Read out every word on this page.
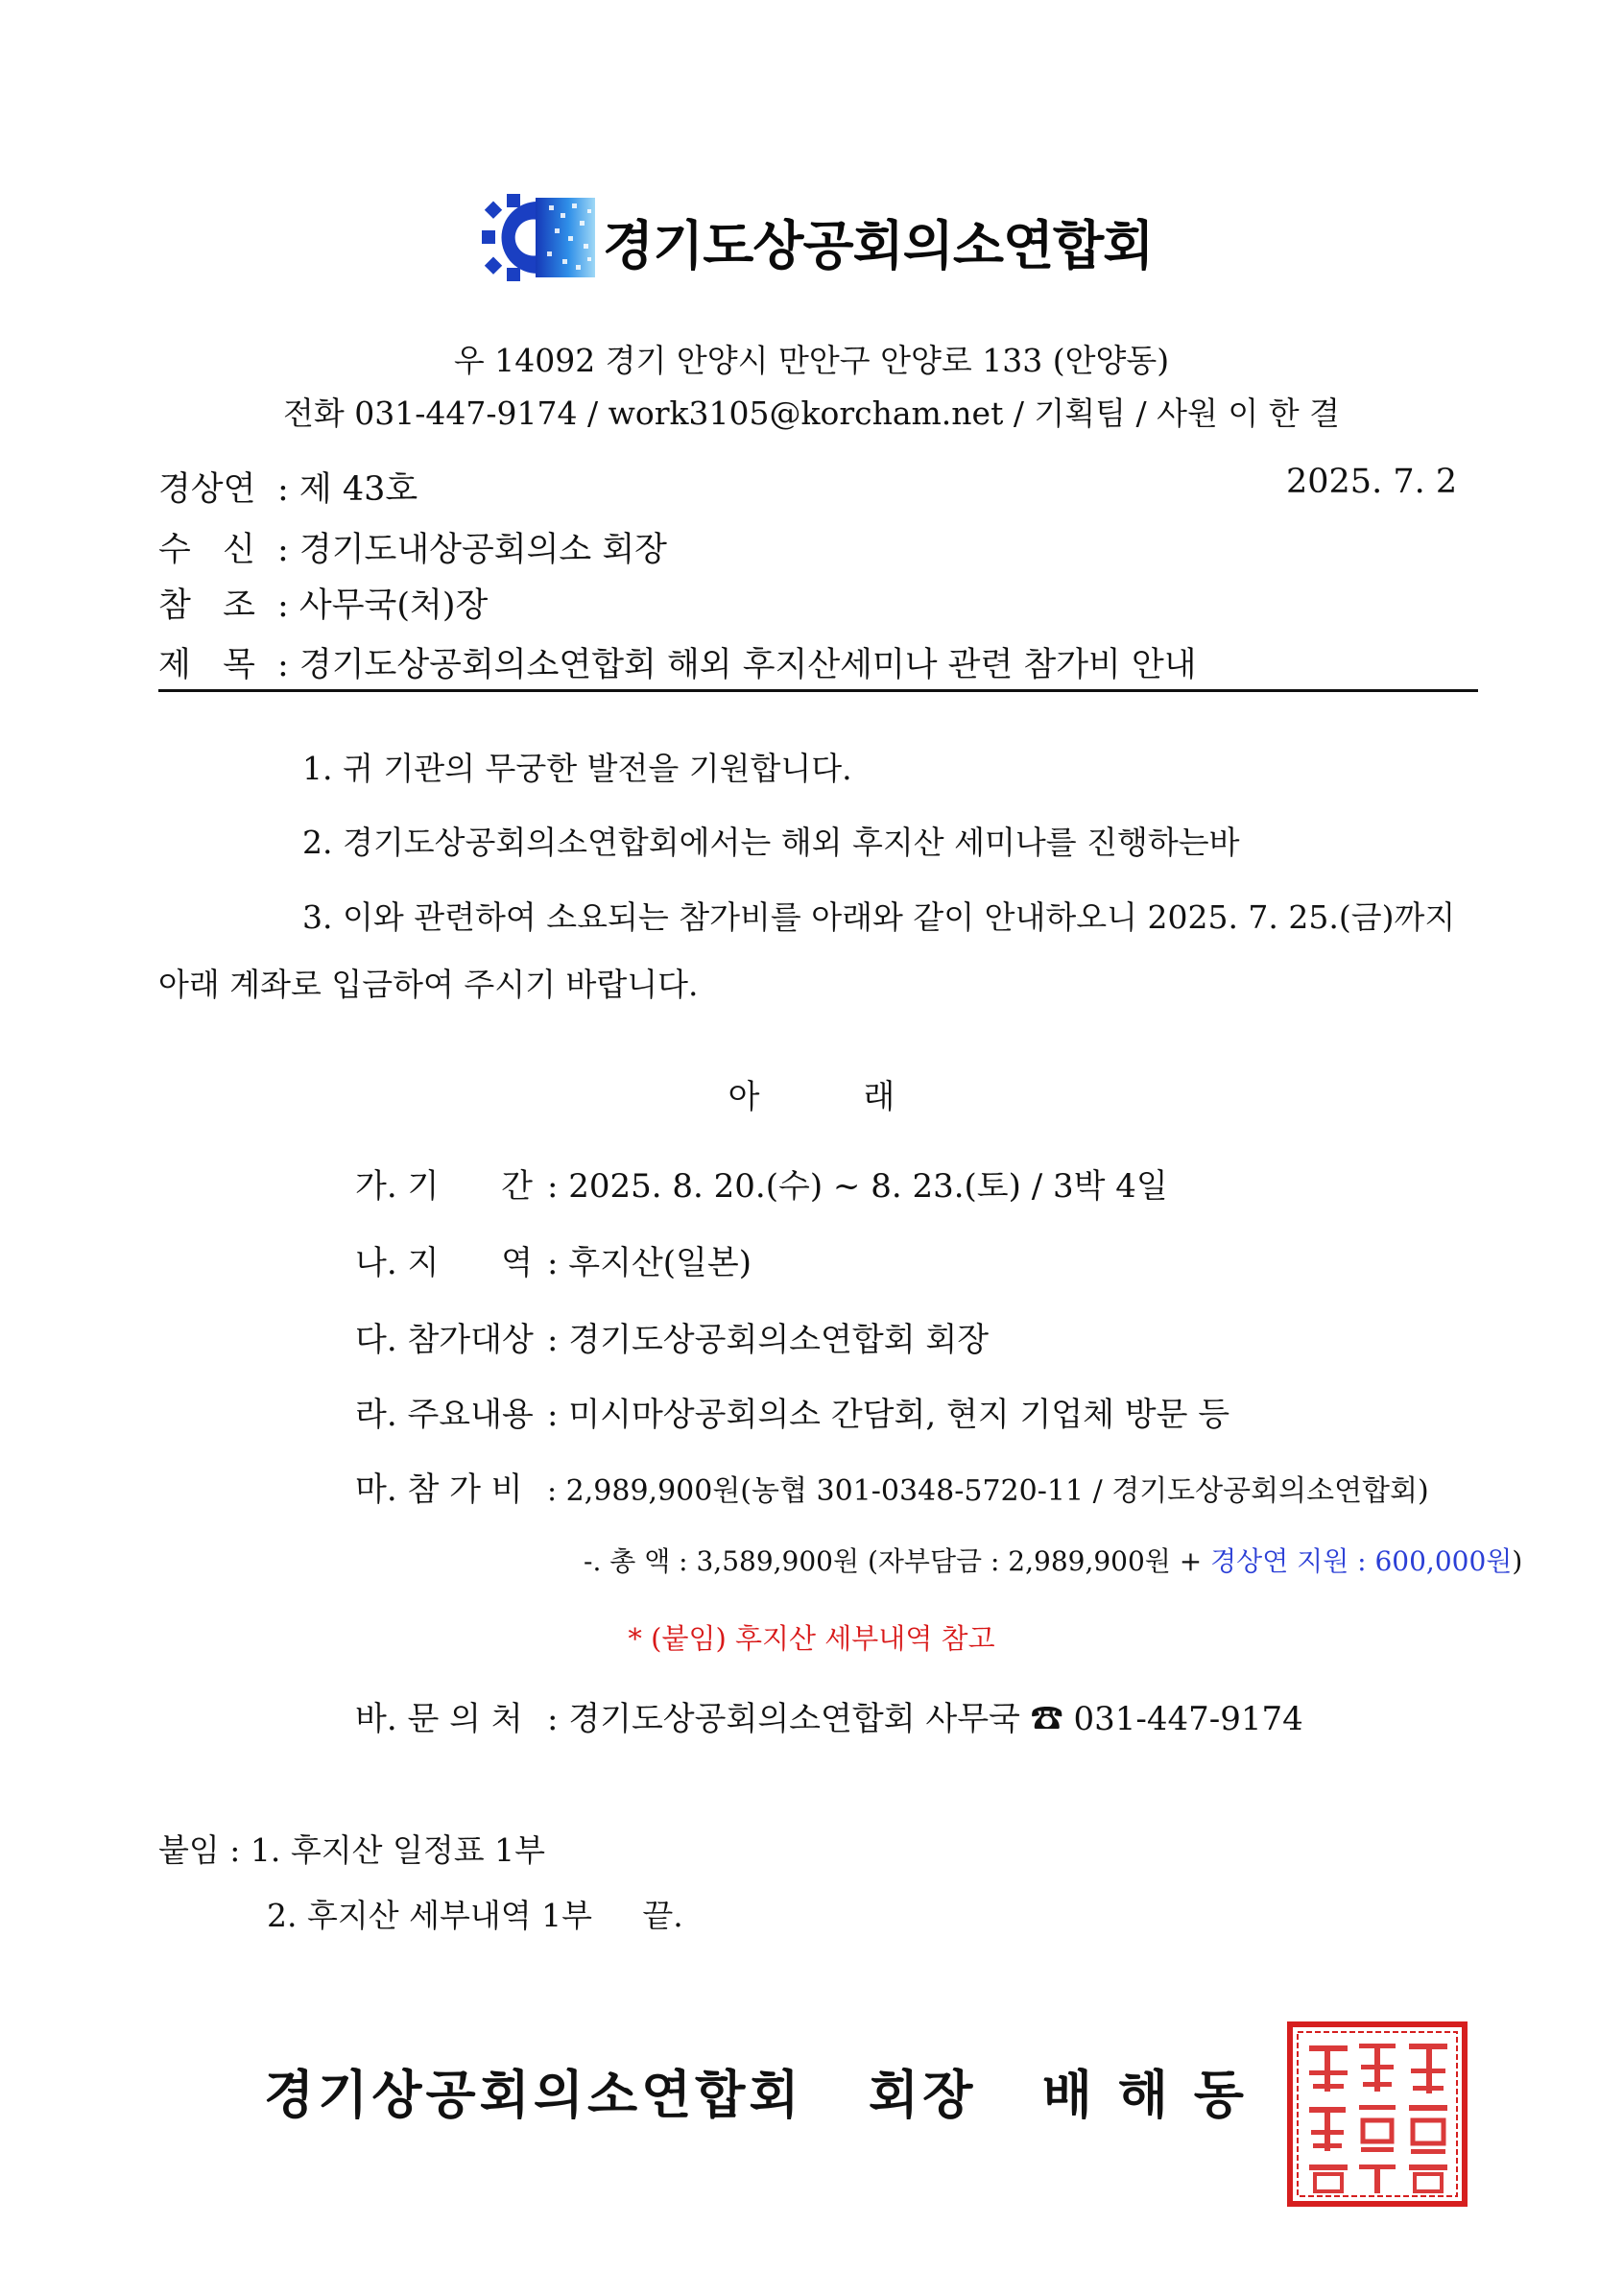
경기도상공회의소연합회
우 14092 경기 안양시 만안구 안양로 133 (안양동)
전화 031-447-9174 / work3105@korcham.net / 기획팀 / 사원 이 한 결
경상연 : 제 43호	2025. 7. 2
수   신 : 경기도내상공회의소 회장
참   조 : 사무국(처)장
제   목 : 경기도상공회의소연합회 해외 후지산세미나 관련 참가비 안내
1. 귀 기관의 무궁한 발전을 기원합니다.
2. 경기도상공회의소연합회에서는 해외 후지산 세미나를 진행하는바
3. 이와 관련하여 소요되는 참가비를 아래와 같이 안내하오니 2025. 7. 25.(금)까지
아래 계좌로 입금하여 주시기 바랍니다.
아          래
가. 기      간 : 2025. 8. 20.(수) ~ 8. 23.(토) / 3박 4일
나. 지      역 : 후지산(일본)
다. 참가대상 : 경기도상공회의소연합회 회장
라. 주요내용 : 미시마상공회의소 간담회, 현지 기업체 방문 등
마. 참 가 비 : 2,989,900원(농협 301-0348-5720-11 / 경기도상공회의소연합회)
-. 총 액 : 3,589,900원 (자부담금 : 2,989,900원 + 경상연 지원 : 600,000원)
* (붙임) 후지산 세부내역 참고
바. 문 의 처 : 경기도상공회의소연합회 사무국 ☎ 031-447-9174
붙임 : 1. 후지산 일정표 1부
2. 후지산 세부내역 1부     끝.
경기상공회의소연합회   회장   배 해 동
